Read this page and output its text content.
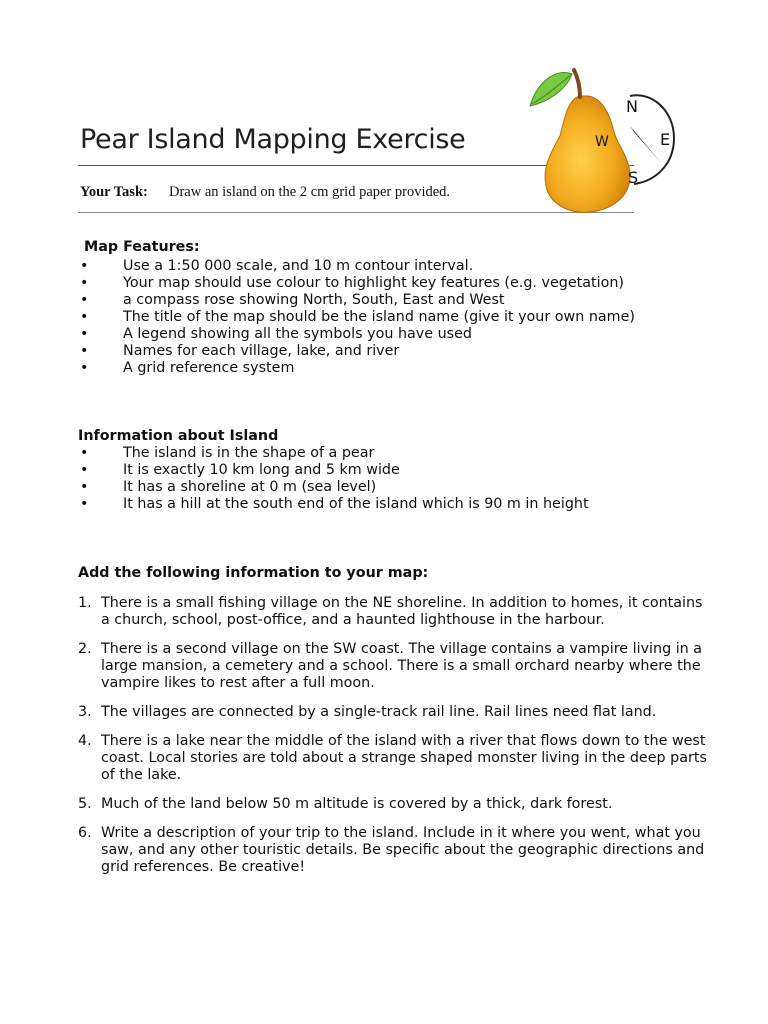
Pear Island Mapping Exercise
Your Task: Draw an island on the 2 cm grid paper provided.
N
E
S
W
Map Features:
• Use a 1:50 000 scale, and 10 m contour interval.
• Your map should use colour to highlight key features (e.g. vegetation)
• a compass rose showing North, South, East and West
• The title of the map should be the island name (give it your own name)
• A legend showing all the symbols you have used
• Names for each village, lake, and river
• A grid reference system
Information about Island
• The island is in the shape of a pear
• It is exactly 10 km long and 5 km wide
• It has a shoreline at 0 m (sea level)
• It has a hill at the south end of the island which is 90 m in height
Add the following information to your map:
1. There is a small fishing village on the NE shoreline. In addition to homes, it contains a church, school, post-office, and a haunted lighthouse in the harbour.
2. There is a second village on the SW coast. The village contains a vampire living in a large mansion, a cemetery and a school. There is a small orchard nearby where the vampire likes to rest after a full moon.
3. The villages are connected by a single-track rail line. Rail lines need flat land.
4. There is a lake near the middle of the island with a river that flows down to the west coast. Local stories are told about a strange shaped monster living in the deep parts of the lake.
5. Much of the land below 50 m altitude is covered by a thick, dark forest.
6. Write a description of your trip to the island. Include in it where you went, what you saw, and any other touristic details. Be specific about the geographic directions and grid references. Be creative!
